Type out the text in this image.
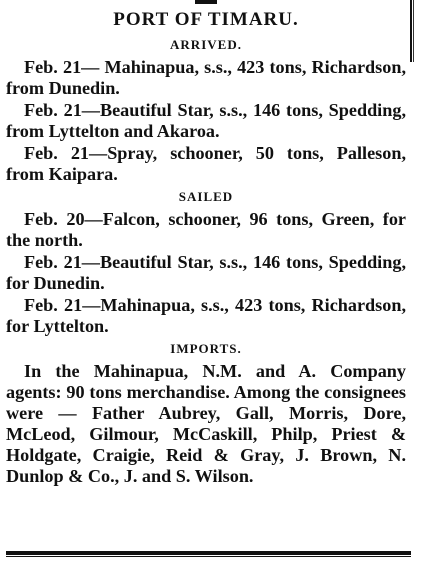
PORT OF TIMARU.
ARRIVED.

Feb. 21— Mahinapua, s.s., 423 tons, Richardson, from Dunedin.

Feb. 21—Beautiful Star, s.s., 146 tons, Spedding, from Lyttelton and Akaroa.

Feb. 21—Spray, schooner, 50 tons, Palleson, from Kaipara.

SAILED

Feb. 20—Falcon, schooner, 96 tons, Green, for the north.

Feb. 21—Beautiful Star, s.s., 146 tons, Spedding, for Dunedin.

Feb. 21—Mahinapua, s.s., 423 tons, Richardson, for Lyttelton.

IMPORTS.

In the Mahinapua, N.M. and A. Company agents: 90 tons merchandise. Among the consignees were — Father Aubrey, Gall, Morris, Dore, McLeod, Gilmour, McCaskill, Philp, Priest & Holdgate, Craigie, Reid & Gray, J. Brown, N. Dunlop & Co., J. and S. Wilson.
